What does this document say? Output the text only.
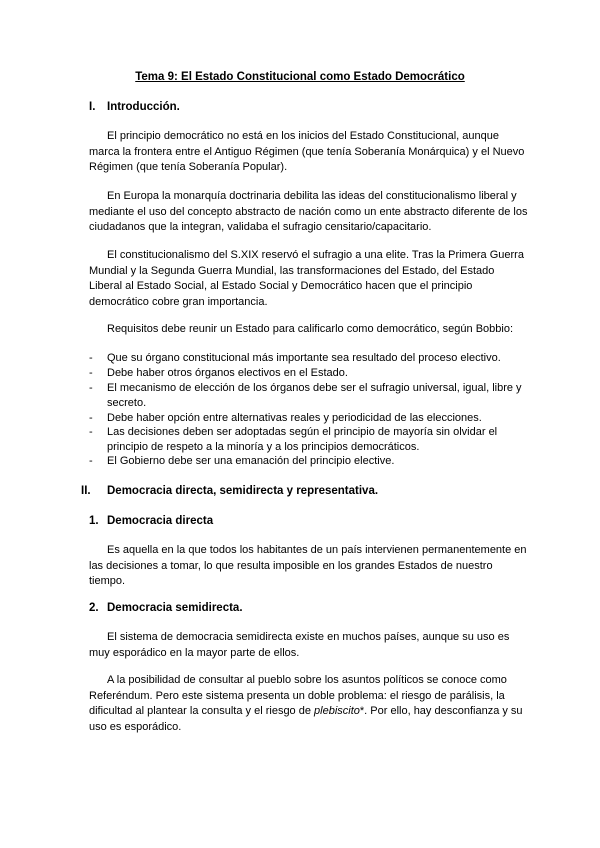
Tema 9: El Estado Constitucional como Estado Democrático
I. Introducción.
El principio democrático no está en los inicios del Estado Constitucional, aunque marca la frontera entre el Antiguo Régimen (que tenía Soberanía Monárquica) y el Nuevo Régimen (que tenía Soberanía Popular).
En Europa la monarquía doctrinaria debilita las ideas del constitucionalismo liberal y mediante el uso del concepto abstracto de nación como un ente abstracto diferente de los ciudadanos que la integran, validaba el sufragio censitario/capacitario.
El constitucionalismo del S.XIX reservó el sufragio a una elite. Tras la Primera Guerra Mundial y la Segunda Guerra Mundial, las transformaciones del Estado, del Estado Liberal al Estado Social, al Estado Social y Democrático hacen que el principio democrático cobre gran importancia.
Requisitos debe reunir un Estado para calificarlo como democrático, según Bobbio:
-	Que su órgano constitucional más importante sea resultado del proceso electivo.
-	Debe haber otros órganos electivos en el Estado.
-	El mecanismo de elección de los órganos debe ser el sufragio universal, igual, libre y secreto.
-	Debe haber opción entre alternativas reales y periodicidad de las elecciones.
-	Las decisiones deben ser adoptadas según el principio de mayoría sin olvidar el principio de respeto a la minoría y a los principios democráticos.
-	El Gobierno debe ser una emanación del principio elective.
II. Democracia directa, semidirecta y representativa.
1. Democracia directa
Es aquella en la que todos los habitantes de un país intervienen permanentemente en las decisiones a tomar, lo que resulta imposible en los grandes Estados de nuestro tiempo.
2. Democracia semidirecta.
El sistema de democracia semidirecta existe en muchos países, aunque su uso es muy esporádico en la mayor parte de ellos.
A la posibilidad de consultar al pueblo sobre los asuntos políticos se conoce como Referéndum. Pero este sistema presenta un doble problema: el riesgo de parálisis, la dificultad al plantear la consulta y el riesgo de plebiscito*. Por ello, hay desconfianza y su uso es esporádico.
